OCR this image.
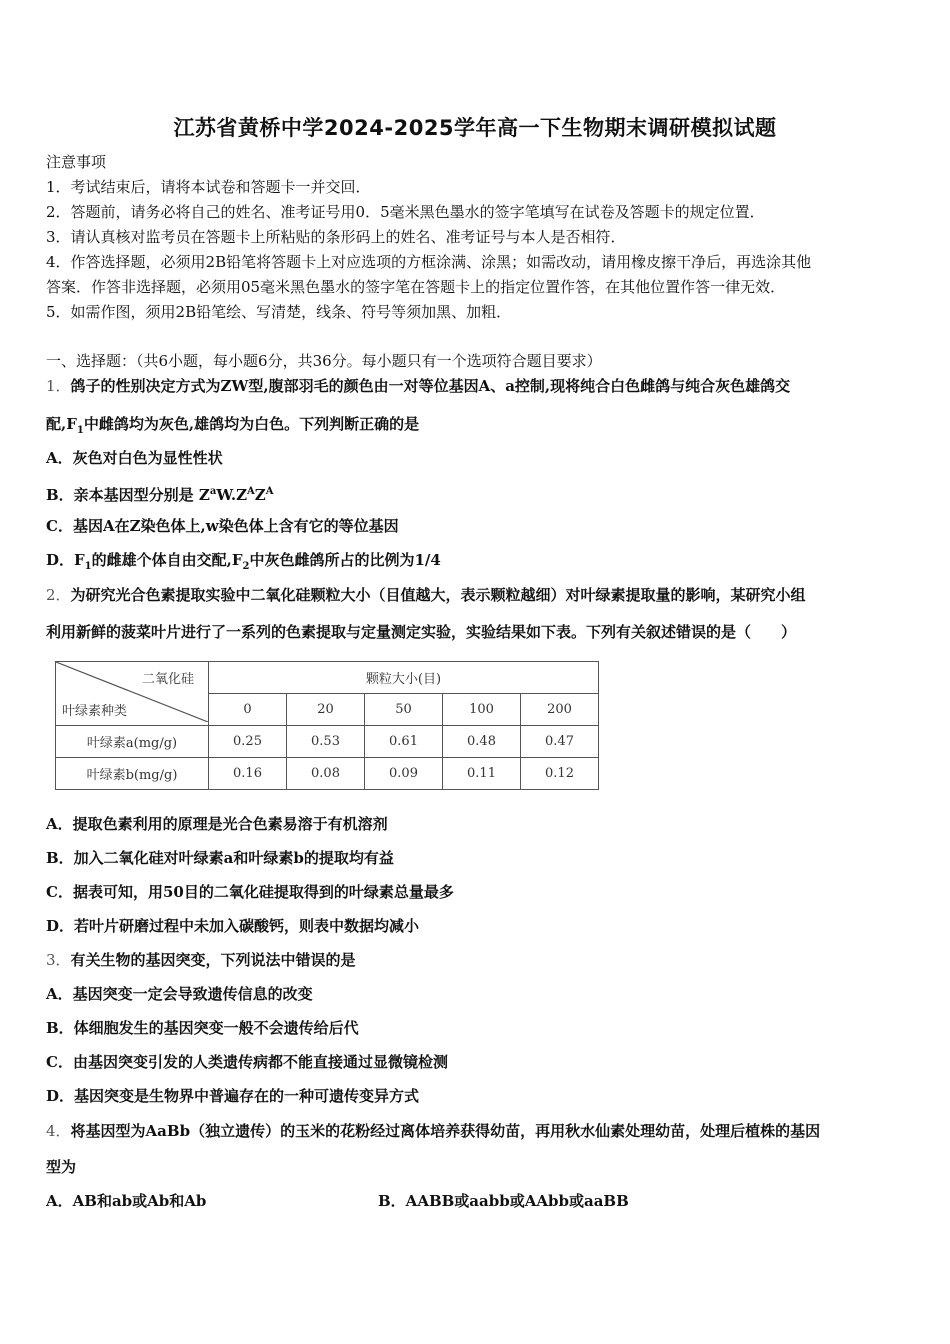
江苏省黄桥中学2024-2025学年高一下生物期末调研模拟试题
注意事项
1．考试结束后，请将本试卷和答题卡一并交回．
2．答题前，请务必将自己的姓名、准考证号用0．5毫米黑色墨水的签字笔填写在试卷及答题卡的规定位置．
3．请认真核对监考员在答题卡上所粘贴的条形码上的姓名、准考证号与本人是否相符．
4．作答选择题，必须用2B铅笔将答题卡上对应选项的方框涂满、涂黑；如需改动，请用橡皮擦干净后，再选涂其他
答案．作答非选择题，必须用05毫米黑色墨水的签字笔在答题卡上的指定位置作答，在其他位置作答一律无效．
5．如需作图，须用2B铅笔绘、写清楚，线条、符号等须加黑、加粗．
一、选择题：（共6小题，每小题6分，共36分。每小题只有一个选项符合题目要求）
1．鸽子的性别决定方式为ZW型,腹部羽毛的颜色由一对等位基因A、a控制,现将纯合白色雌鸽与纯合灰色雄鸽交
配$,F_1$中雌鸽均为灰色,雄鸽均为白色。下列判断正确的是
A．灰色对白色为显性性状
B．亲本基因型分别是 $Z^aW.Z^AZ^A$
C．基因A在Z染色体上,w染色体上含有它的等位基因
D．$F_1$的雌雄个体自由交配$,F_2$中灰色雌鸽所占的比例为1/4
2．为研究光合色素提取实验中二氧化硅颗粒大小（目值越大，表示颗粒越细）对叶绿素提取量的影响，某研究小组
利用新鲜的菠菜叶片进行了一系列的色素提取与定量测定实验，实验结果如下表。下列有关叙述错误的是（　　）
二氧化硅
叶绿素种类	颗粒大小(目)				
	0	20	50	100	200
叶绿素a(mg/g)	0.25	0.53	0.61	0.48	0.47
叶绿素b(mg/g)	0.16	0.08	0.09	0.11	0.12
A．提取色素利用的原理是光合色素易溶于有机溶剂
B．加入二氧化硅对叶绿素a和叶绿素b的提取均有益
C．据表可知，用50目的二氧化硅提取得到的叶绿素总量最多
D．若叶片研磨过程中未加入碳酸钙，则表中数据均减小
3．有关生物的基因突变，下列说法中错误的是
A．基因突变一定会导致遗传信息的改变
B．体细胞发生的基因突变一般不会遗传给后代
C．由基因突变引发的人类遗传病都不能直接通过显微镜检测
D．基因突变是生物界中普遍存在的一种可遗传变异方式
4．将基因型为AaBb（独立遗传）的玉米的花粉经过离体培养获得幼苗，再用秋水仙素处理幼苗，处理后植株的基因
型为
A．AB和ab或Ab和Ab	B．AABB或aabb或AAbb或aaBB
